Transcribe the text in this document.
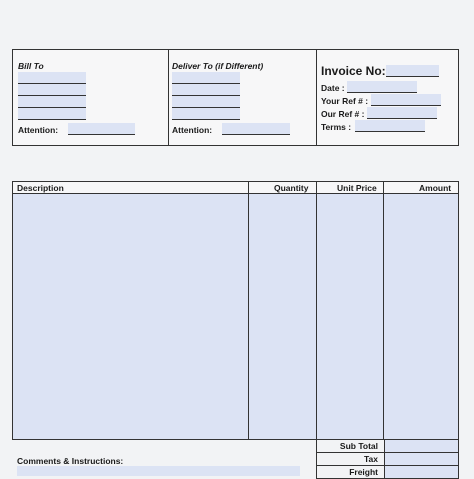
Bill To
Attention:
Deliver To (if Different)
Attention:
Invoice No:
Date :
Your Ref # :
Our Ref # :
Terms :
Description	Quantity	Unit Price	Amount
Comments & Instructions:
Sub Total
Tax
Freight
